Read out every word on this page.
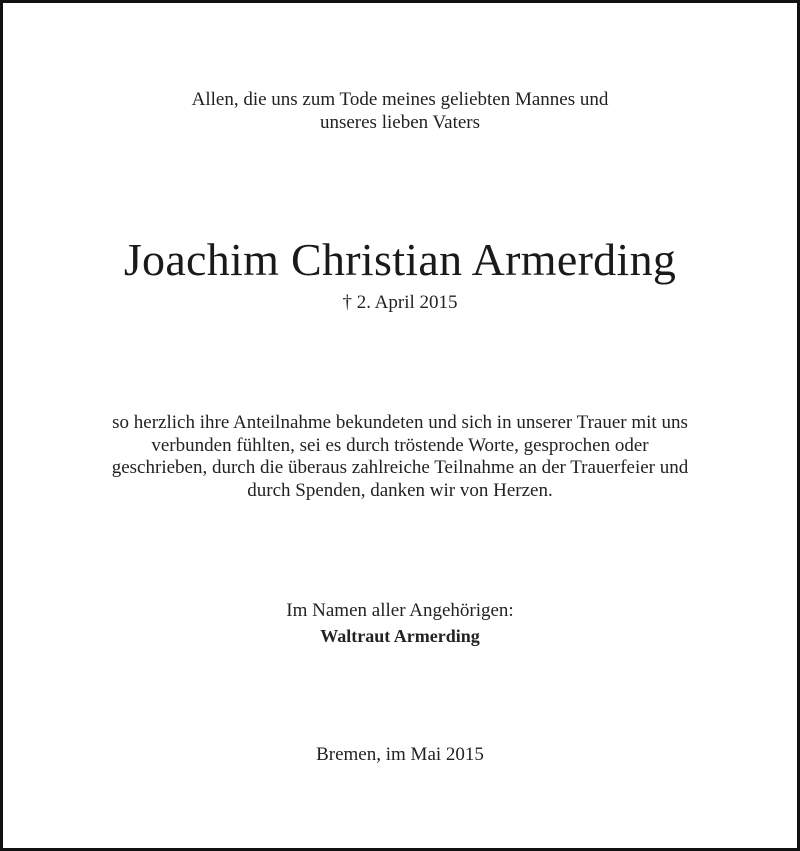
Allen, die uns zum Tode meines geliebten Mannes und
unseres lieben Vaters
Joachim Christian Armerding
† 2. April 2015
so herzlich ihre Anteilnahme bekundeten und sich in unserer Trauer mit uns
verbunden fühlten, sei es durch tröstende Worte, gesprochen oder
geschrieben, durch die überaus zahlreiche Teilnahme an der Trauerfeier und
durch Spenden, danken wir von Herzen.
Im Namen aller Angehörigen:
Waltraut Armerding
Bremen, im Mai 2015
